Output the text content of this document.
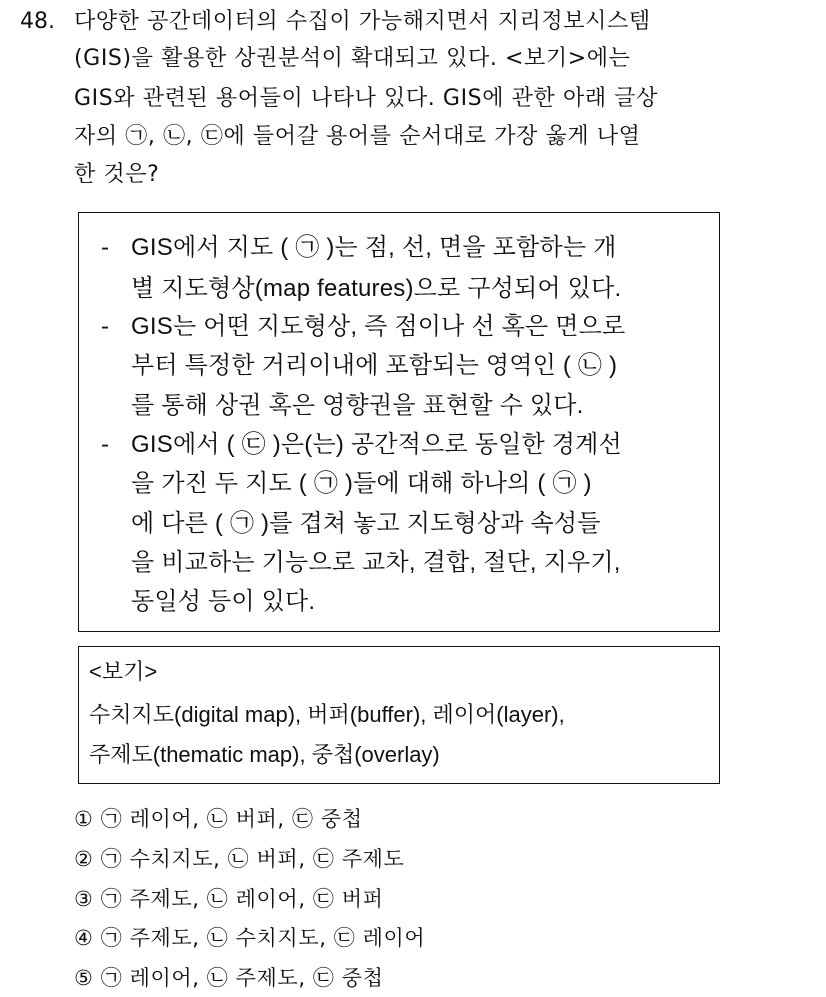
48. 다양한 공간데이터의 수집이 가능해지면서 지리정보시스템
(GIS)을 활용한 상권분석이 확대되고 있다. <보기>에는
GIS와 관련된 용어들이 나타나 있다. GIS에 관한 아래 글상
자의 ㉠, ㉡, ㉢에 들어갈 용어를 순서대로 가장 옳게 나열
한 것은?
- GIS에서 지도 ( ㉠ )는 점, 선, 면을 포함하는 개
별 지도형상(map features)으로 구성되어 있다.
- GIS는 어떤 지도형상, 즉 점이나 선 혹은 면으로
부터 특정한 거리이내에 포함되는 영역인 ( ㉡ )
를 통해 상권 혹은 영향권을 표현할 수 있다.
- GIS에서 ( ㉢ )은(는) 공간적으로 동일한 경계선
을 가진 두 지도 ( ㉠ )들에 대해 하나의 ( ㉠ )
에 다른 ( ㉠ )를 겹쳐 놓고 지도형상과 속성들
을 비교하는 기능으로 교차, 결합, 절단, 지우기,
동일성 등이 있다.
<보기>
수치지도(digital map), 버퍼(buffer), 레이어(layer),
주제도(thematic map), 중첩(overlay)
① ㉠ 레이어, ㉡ 버퍼, ㉢ 중첩
② ㉠ 수치지도, ㉡ 버퍼, ㉢ 주제도
③ ㉠ 주제도, ㉡ 레이어, ㉢ 버퍼
④ ㉠ 주제도, ㉡ 수치지도, ㉢ 레이어
⑤ ㉠ 레이어, ㉡ 주제도, ㉢ 중첩
